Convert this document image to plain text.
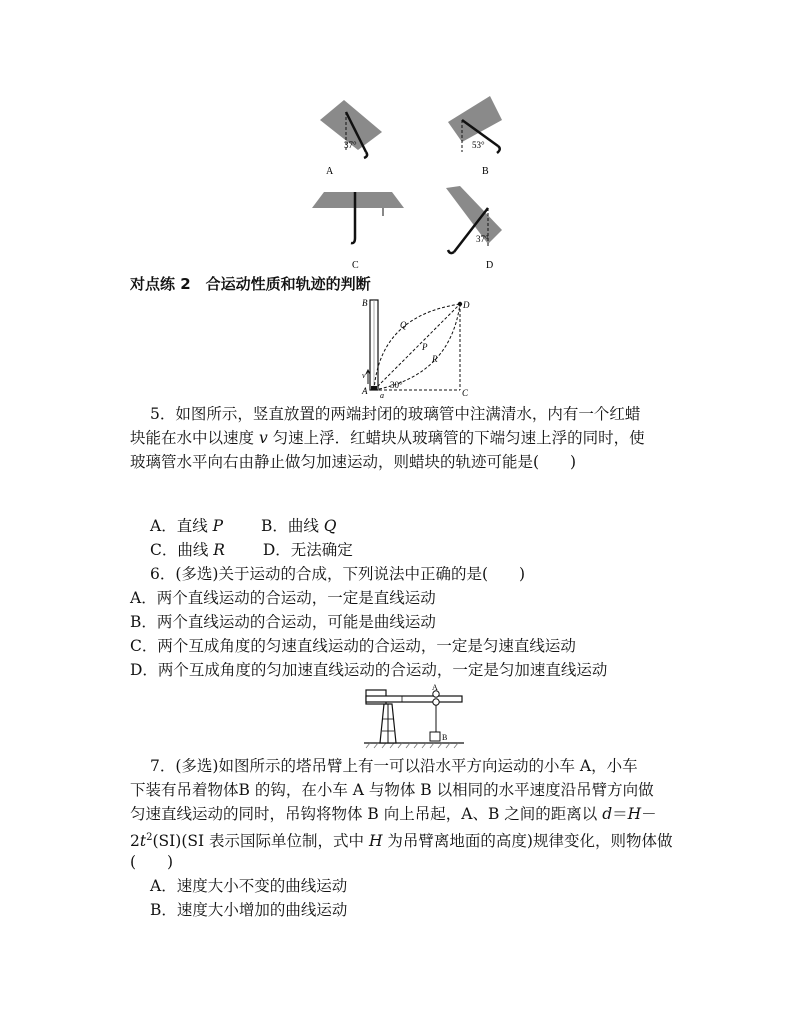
37°
A
53°
B
C
37°
D
对点练 2　合运动性质和轨迹的判断
B	D
Q
P
R
v
A a
30°
C
5．如图所示，竖直放置的两端封闭的玻璃管中注满清水，内有一个红蜡
块能在水中以速度 v 匀速上浮．红蜡块从玻璃管的下端匀速上浮的同时，使
玻璃管水平向右由静止做匀加速运动，则蜡块的轨迹可能是(　　)
A．直线 P B．曲线 Q
C．曲线 R D．无法确定
6．(多选)关于运动的合成，下列说法中正确的是(　　)
A．两个直线运动的合运动，一定是直线运动
B．两个直线运动的合运动，可能是曲线运动
C．两个互成角度的匀速直线运动的合运动，一定是匀速直线运动
D．两个互成角度的匀加速直线运动的合运动，一定是匀加速直线运动
A
B
7．(多选)如图所示的塔吊臂上有一可以沿水平方向运动的小车 A，小车
下装有吊着物体B 的钩，在小车 A 与物体 B 以相同的水平速度沿吊臂方向做
匀速直线运动的同时，吊钩将物体 B 向上吊起，A、B 之间的距离以 d＝H－
$2t^2(SI)(SI$ 表示国际单位制，式中 H 为吊臂离地面的高度)规律变化，则物体做
(　　)
A．速度大小不变的曲线运动
B．速度大小增加的曲线运动
